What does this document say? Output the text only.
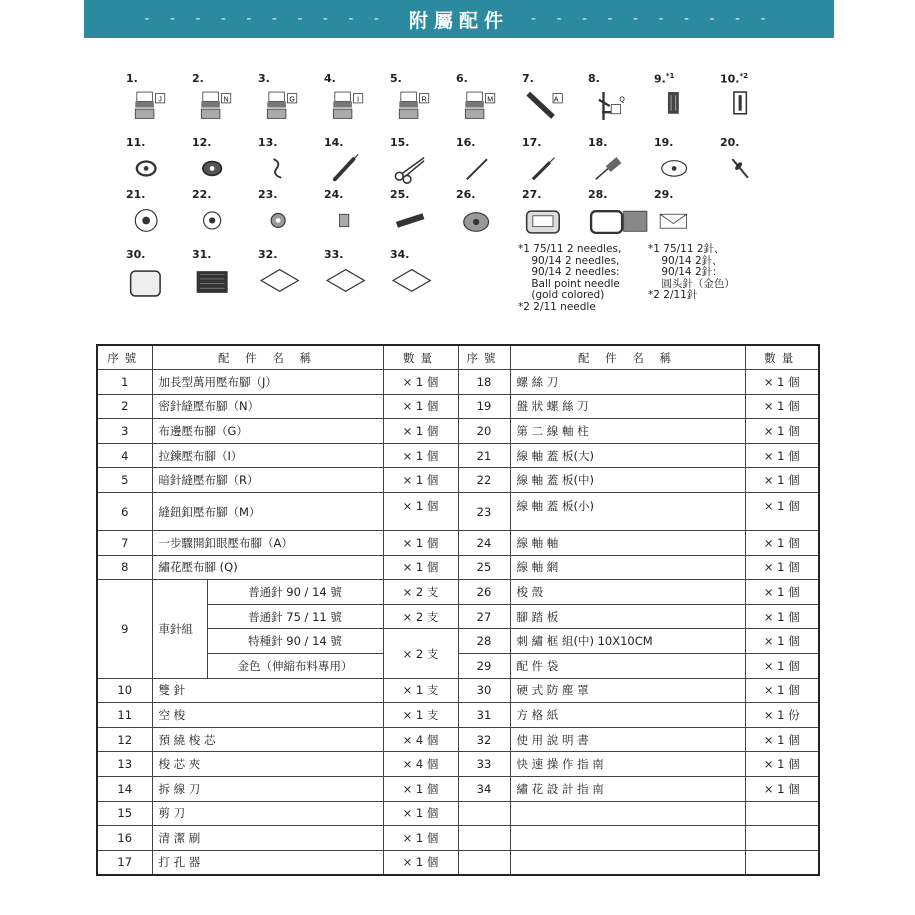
- - - - - - - - - - 附屬配件 - - - - - - - - - -
1.
J
2.
N
3.
G
4.
I
5.
R
6.
M
7.
A
8.
Q
9.$^{*1}$	10.$^{*2}$
11.	12.	13.	14.	15.	16.	17.	18.	19.	20.
21.	22.	23.	24.	25.	26.	27.	28.	29.
30.	31.	32.	33.	34.	*1 75/11 2 needles,
90/14 2 needles,
90/14 2 needles:
Ball point needle
(gold colored)
*2 2/11 needle
*1 75/11 2針、
90/14 2針、
90/14 2針：
圓头針（金色）
*2 2/11針
序號	配 件 名 稱		數量	序號	配 件 名 稱	數量
1	加長型萬用壓布腳（J）		× 1 個	18	螺 絲 刀	× 1 個
2	密針縫壓布腳（N）		× 1 個	19	盤 狀 螺 絲 刀	× 1 個
3	布邊壓布腳（G）		× 1 個	20	第 二 線 軸 柱	× 1 個
4	拉鍊壓布腳（I）		× 1 個	21	線 軸 蓋 板(大)	× 1 個
5	暗針縫壓布腳（R）		× 1 個	22	線 軸 蓋 板(中)	× 1 個
6	縫鈕釦壓布腳（M）		× 1 個	23	線 軸 蓋 板(小)	× 1 個
7	一步驟開釦眼壓布腳（A）		× 1 個	24	線 軸 軸	× 1 個
8	繡花壓布腳 (Q)		× 1 個	25	線 軸 網	× 1 個
9	車針組	普通針 90 / 14 號	× 2 支	26	梭 殼	× 1 個
		普通針 75 / 11 號	× 2 支	27	腳 踏 板	× 1 個
		特種針 90 / 14 號	× 2 支	28	刺 繡 框 組(中) 10X10CM	× 1 個
		金色（伸縮布料專用）		29	配 件 袋	× 1 個
10	雙 針		× 1 支	30	硬 式 防 塵 罩	× 1 個
11	空 梭		× 1 支	31	方 格 紙	× 1 份
12	預 繞 梭 芯		× 4 個	32	使 用 說 明 書	× 1 個
13	梭 芯 夾		× 4 個	33	快 速 操 作 指 南	× 1 個
14	拆 線 刀		× 1 個	34	繡 花 設 計 指 南	× 1 個
15	剪 刀		× 1 個			
16	清 潔 刷		× 1 個			
17	打 孔 器		× 1 個			
